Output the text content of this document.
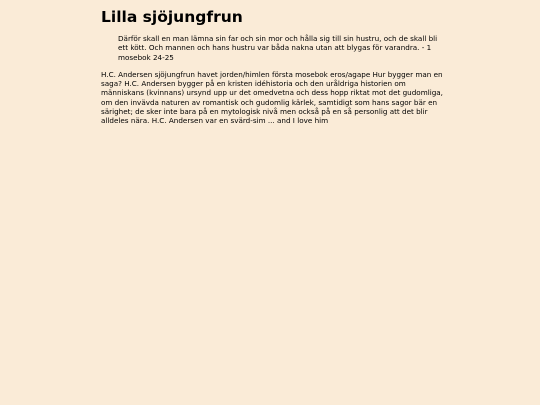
Lilla sjöjungfrun
Därför skall en man lämna sin far och sin mor och hålla sig till sin hustru, och de skall bli ett kött. Och mannen och hans hustru var båda nakna utan att blygas för varandra. - 1 mosebok 24-25

H.C. Andersen sjöjungfrun havet jorden/himlen första mosebok eros/agape Hur bygger man en saga? H.C. Andersen bygger på en kristen idéhistoria och den uråldriga historien om människans (kvinnans) ursynd upp ur det omedvetna och dess hopp riktat mot det gudomliga, om den invävda naturen av romantisk och gudomlig kärlek, samtidigt som hans sagor bär en särighet; de sker inte bara på en mytologisk nivå men också på en så personlig att det blir alldeles nära. H.C. Andersen var en svärd-sim ... and I love him
